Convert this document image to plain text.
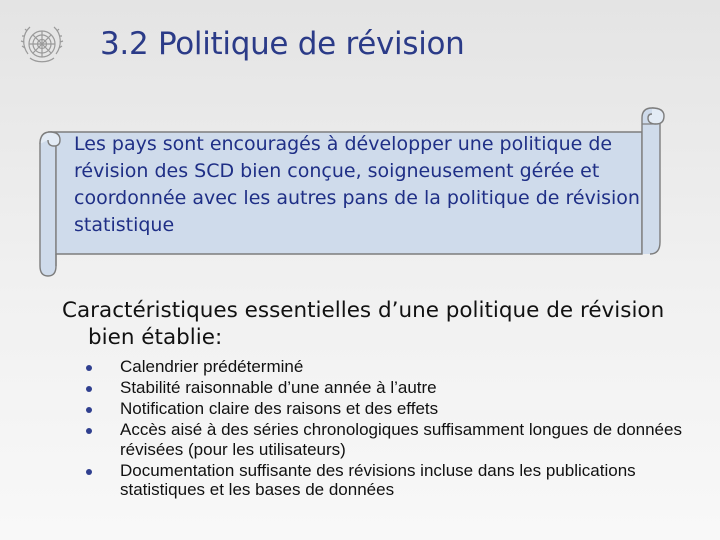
3.2 Politique de révision
Les pays sont encouragés à développer une politique de révision des SCD bien conçue, soigneusement gérée et coordonnée avec les autres pans de la politique de révision statistique
Caractéristiques essentielles d’une politique de révision bien établie:
Calendrier prédéterminé
Stabilité raisonnable d’une année à l’autre
Notification claire des raisons et des effets
Accès aisé à des séries chronologiques suffisamment longues de données révisées (pour les utilisateurs)
Documentation suffisante des révisions incluse dans les publications statistiques et les bases de données
